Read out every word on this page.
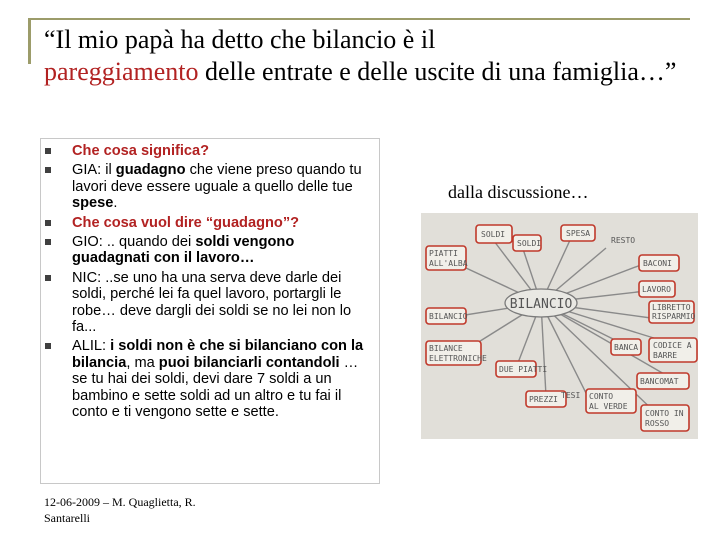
“Il mio papà ha detto che bilancio è il
pareggiamento delle entrate e delle uscite di una famiglia…”
Che cosa significa?
GIA: il guadagno che viene preso quando tu lavori deve essere uguale a quello delle tue spese.
Che cosa vuol dire “guadagno”?
GIO: .. quando dei soldi vengono guadagnati con il lavoro…
NIC: ..se uno ha una serva deve darle dei soldi, perché lei fa quel lavoro, portargli le robe… deve dargli dei soldi se no lei non lo fa...
ALIL: i soldi non è che si bilanciano con la bilancia, ma puoi bilanciarli contandoli … se tu hai dei soldi, devi dare 7 soldi a un bambino e sette soldi ad un altro e tu fai il conto e ti vengono sette e sette.
dalla discussione…
BILANCIO
SOLDI
SOLDI
SPESA
RESTO
PIATTI
ALL'ALBA	BACONI
LAVORO
LIBRETTO
RISPARMIO
BANCA CODICE A
BARRE
BANCOMAT
CONTO IN
ROSSO
CONTO
AL VERDE
TESI
PREZZI
DUE PIATTI
BILANCE
ELETTRONICHE
BILANCIO
12-06-2009 – M. Quaglietta, R. Santarelli
